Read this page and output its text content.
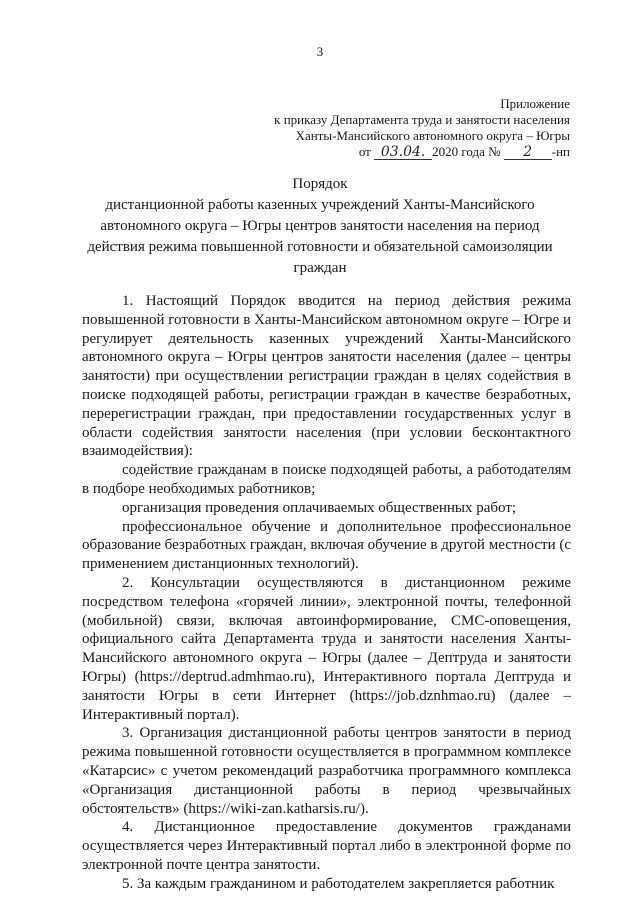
3
Приложение
к приказу Департамента труда и занятости населения
Ханты-Мансийского автономного округа – Югры
от 03.04. 2020 года № 2 -нп
Порядок
дистанционной работы казенных учреждений Ханты-Мансийского
автономного округа – Югры центров занятости населения на период
действия режима повышенной готовности и обязательной самоизоляции
граждан

1. Настоящий Порядок вводится на период действия режима повышенной готовности в Ханты-Мансийском автономном округе – Югре и регулирует деятельность казенных учреждений Ханты-Мансийского автономного округа – Югры центров занятости населения (далее – центры занятости) при осуществлении регистрации граждан в целях содействия в поиске подходящей работы, регистрации граждан в качестве безработных, перерегистрации граждан, при предоставлении государственных услуг в области содействия занятости населения (при условии бесконтактного взаимодействия):

содействие гражданам в поиске подходящей работы, а работодателям в подборе необходимых работников;

организация проведения оплачиваемых общественных работ;

профессиональное обучение и дополнительное профессиональное образование безработных граждан, включая обучение в другой местности (с применением дистанционных технологий).

2. Консультации осуществляются в дистанционном режиме посредством телефона «горячей линии», электронной почты, телефонной (мобильной) связи, включая автоинформирование, СМС-оповещения, официального сайта Департамента труда и занятости населения Ханты-Мансийского автономного округа – Югры (далее – Дептруда и занятости Югры) (https://deptrud.admhmao.ru), Интерактивного портала Дептруда и занятости Югры в сети Интернет (https://job.dznhmao.ru) (далее – Интерактивный портал).

3. Организация дистанционной работы центров занятости в период режима повышенной готовности осуществляется в программном комплексе «Катарсис» с учетом рекомендаций разработчика программного комплекса «Организация дистанционной работы в период чрезвычайных обстоятельств» (https://wiki-zan.katharsis.ru/).

4. Дистанционное предоставление документов гражданами осуществляется через Интерактивный портал либо в электронной форме по электронной почте центра занятости.

5. За каждым гражданином и работодателем закрепляется работник
